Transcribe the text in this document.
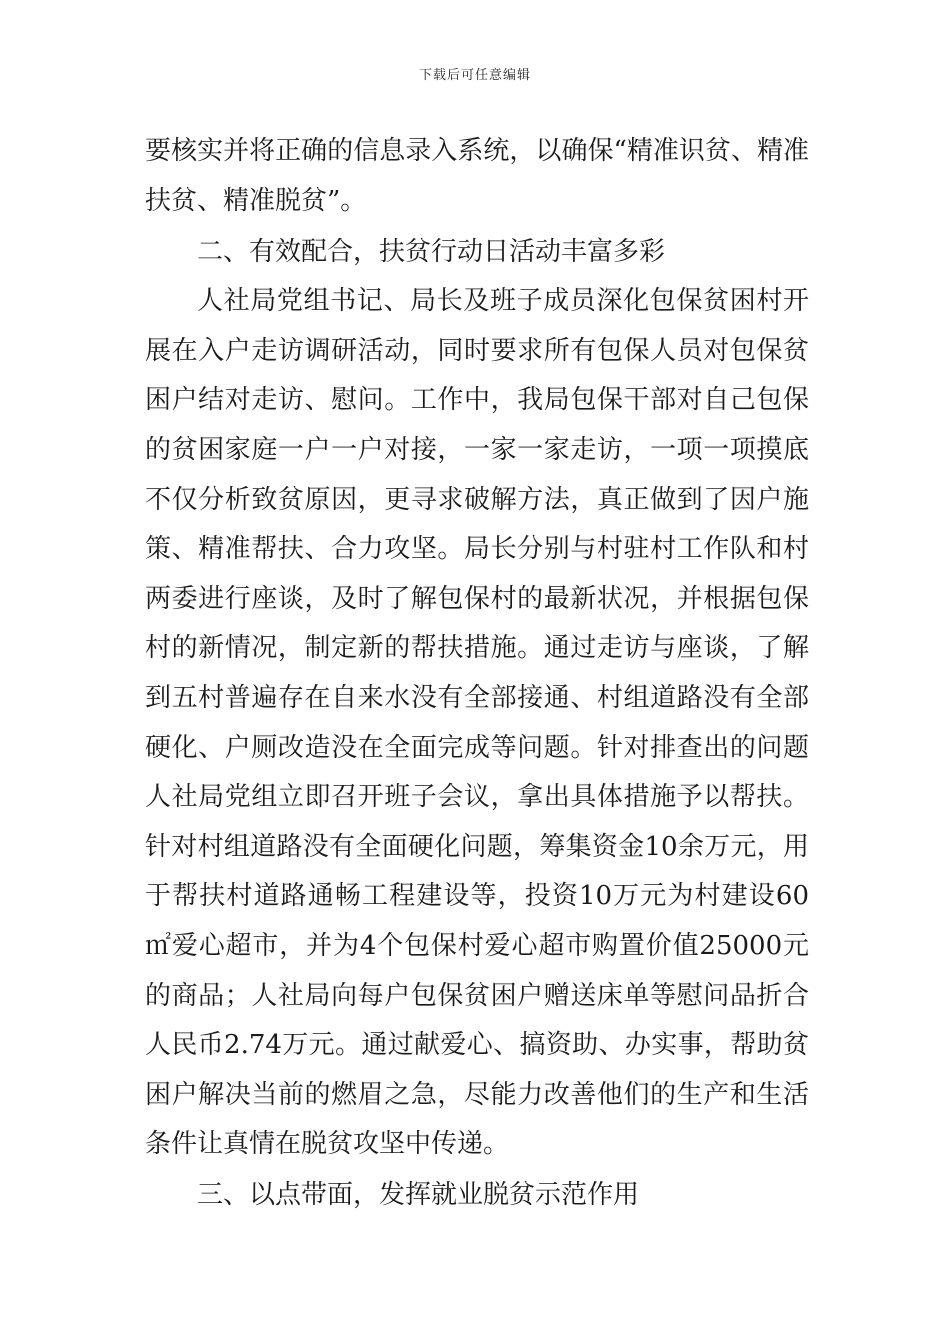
下载后可任意编辑

要核实并将正确的信息录入系统，以确保“精准识贫、精准扶贫、精准脱贫”。

二、有效配合，扶贫行动日活动丰富多彩

人社局党组书记、局长及班子成员深化包保贫困村开展在入户走访调研活动，同时要求所有包保人员对包保贫困户结对走访、慰问。工作中，我局包保干部对自己包保的贫困家庭一户一户对接，一家一家走访，一项一项摸底不仅分析致贫原因，更寻求破解方法，真正做到了因户施策、精准帮扶、合力攻坚。局长分别与村驻村工作队和村两委进行座谈，及时了解包保村的最新状况，并根据包保村的新情况，制定新的帮扶措施。通过走访与座谈，了解到五村普遍存在自来水没有全部接通、村组道路没有全部硬化、户厕改造没在全面完成等问题。针对排查出的问题人社局党组立即召开班子会议，拿出具体措施予以帮扶。针对村组道路没有全面硬化问题，筹集资金10余万元，用于帮扶村道路通畅工程建设等，投资10万元为村建设60㎡爱心超市，并为4个包保村爱心超市购置价值25000元的商品；人社局向每户包保贫困户赠送床单等慰问品折合人民币2.74万元。通过献爱心、搞资助、办实事，帮助贫困户解决当前的燃眉之急，尽能力改善他们的生产和生活条件让真情在脱贫攻坚中传递。

三、以点带面，发挥就业脱贫示范作用
